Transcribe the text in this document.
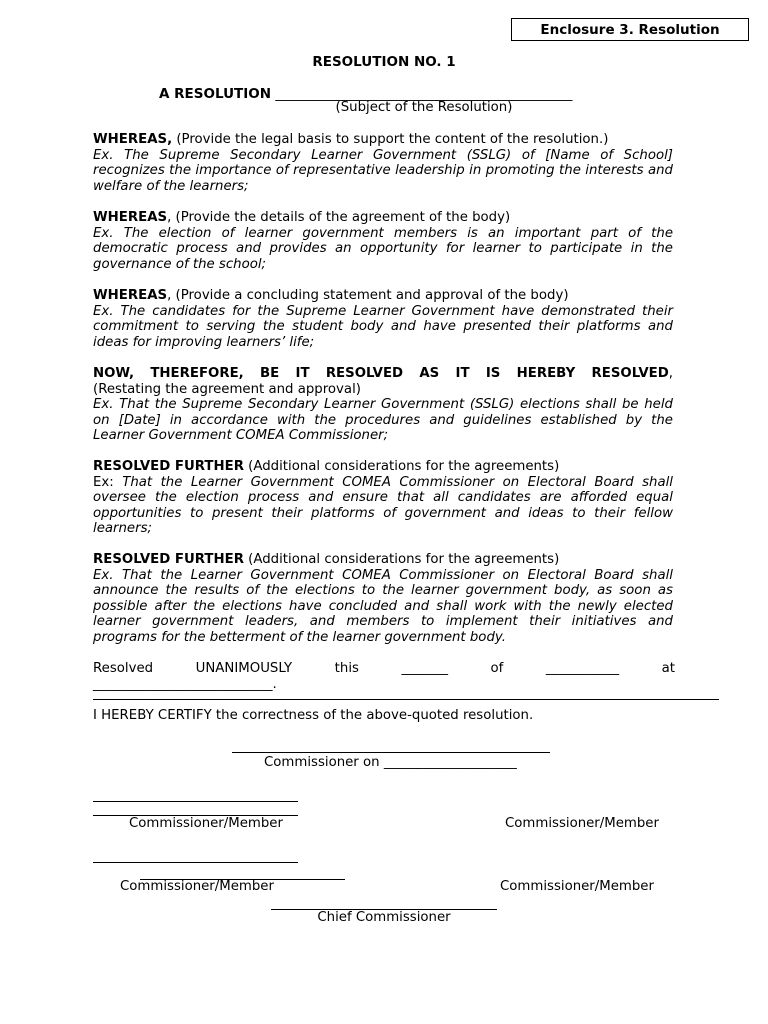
Enclosure 3. Resolution
RESOLUTION NO. 1
A RESOLUTION ____________________________________________
(Subject of the Resolution)
WHEREAS, (Provide the legal basis to support the content of the resolution.)
Ex. The Supreme Secondary Learner Government (SSLG) of [Name of School] recognizes the importance of representative leadership in promoting the interests and welfare of the learners;
WHEREAS, (Provide the details of the agreement of the body)
Ex. The election of learner government members is an important part of the democratic process and provides an opportunity for learner to participate in the governance of the school;
WHEREAS, (Provide a concluding statement and approval of the body)
Ex. The candidates for the Supreme Learner Government have demonstrated their commitment to serving the student body and have presented their platforms and ideas for improving learners’ life;
NOW, THEREFORE, BE IT RESOLVED AS IT IS HEREBY RESOLVED,
(Restating the agreement and approval)
Ex. That the Supreme Secondary Learner Government (SSLG) elections shall be held on [Date] in accordance with the procedures and guidelines established by the Learner Government COMEA Commissioner;
RESOLVED FURTHER (Additional considerations for the agreements)
Ex: That the Learner Government COMEA Commissioner on Electoral Board shall oversee the election process and ensure that all candidates are afforded equal opportunities to present their platforms of government and ideas to their fellow learners;
RESOLVED FURTHER (Additional considerations for the agreements)
Ex. That the Learner Government COMEA Commissioner on Electoral Board shall announce the results of the elections to the learner government body, as soon as possible after the elections have concluded and shall work with the newly elected learner government leaders, and members to implement their initiatives and programs for the betterment of the learner government body.
Resolved	UNANIMOUSLY	this	_______	of	___________	at
___________________________.
I HEREBY CERTIFY the correctness of the above-quoted resolution.
Commissioner on ____________________
Commissioner/Member	Commissioner/Member
Commissioner/Member	Commissioner/Member
Chief Commissioner
